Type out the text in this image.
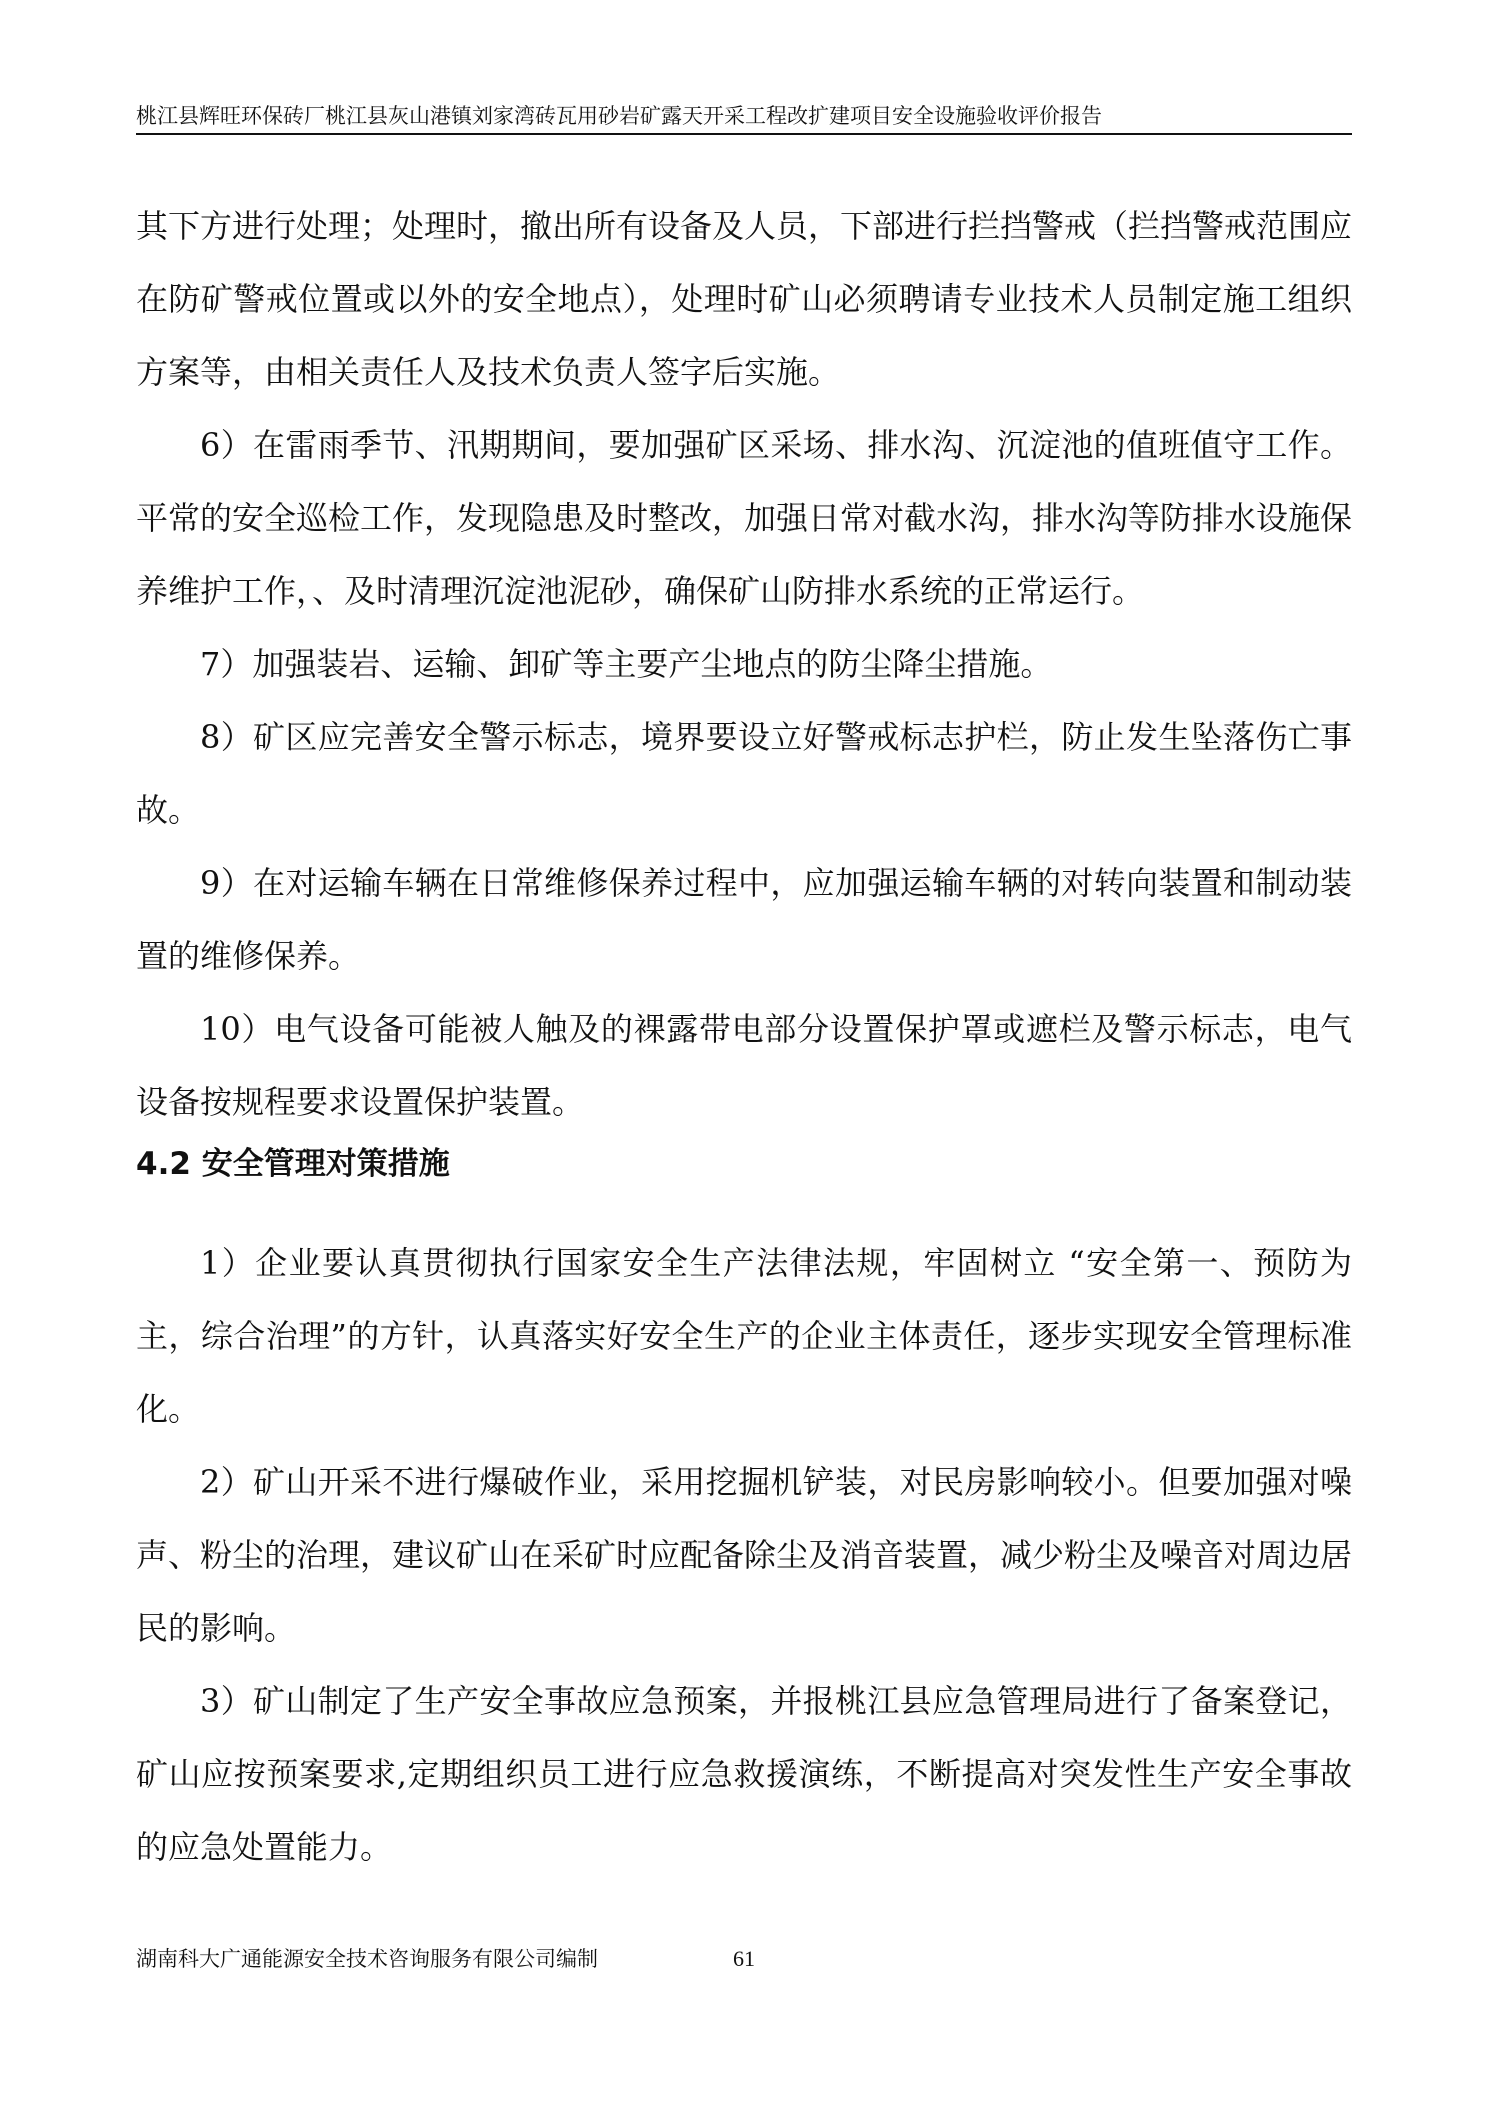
桃江县辉旺环保砖厂桃江县灰山港镇刘家湾砖瓦用砂岩矿露天开采工程改扩建项目安全设施验收评价报告

其下方进行处理；处理时，撤出所有设备及人员，下部进行拦挡警戒（拦挡警戒范围应在防矿警戒位置或以外的安全地点），处理时矿山必须聘请专业技术人员制定施工组织方案等，由相关责任人及技术负责人签字后实施。

6）在雷雨季节、汛期期间，要加强矿区采场、排水沟、沉淀池的值班值守工作。平常的安全巡检工作，发现隐患及时整改，加强日常对截水沟，排水沟等防排水设施保养维护工作，、及时清理沉淀池泥砂，确保矿山防排水系统的正常运行。

7）加强装岩、运输、卸矿等主要产尘地点的防尘降尘措施。

8）矿区应完善安全警示标志，境界要设立好警戒标志护栏，防止发生坠落伤亡事故。

9）在对运输车辆在日常维修保养过程中，应加强运输车辆的对转向装置和制动装置的维修保养。

10）电气设备可能被人触及的裸露带电部分设置保护罩或遮栏及警示标志，电气设备按规程要求设置保护装置。

4.2 安全管理对策措施

1）企业要认真贯彻执行国家安全生产法律法规，牢固树立 “安全第一、预防为主，综合治理”的方针，认真落实好安全生产的企业主体责任，逐步实现安全管理标准化。

2）矿山开采不进行爆破作业，采用挖掘机铲装，对民房影响较小。但要加强对噪声、粉尘的治理，建议矿山在采矿时应配备除尘及消音装置，减少粉尘及噪音对周边居民的影响。

3）矿山制定了生产安全事故应急预案，并报桃江县应急管理局进行了备案登记，矿山应按预案要求,定期组织员工进行应急救援演练，不断提高对突发性生产安全事故的应急处置能力。

湖南科大广通能源安全技术咨询服务有限公司编制	61
